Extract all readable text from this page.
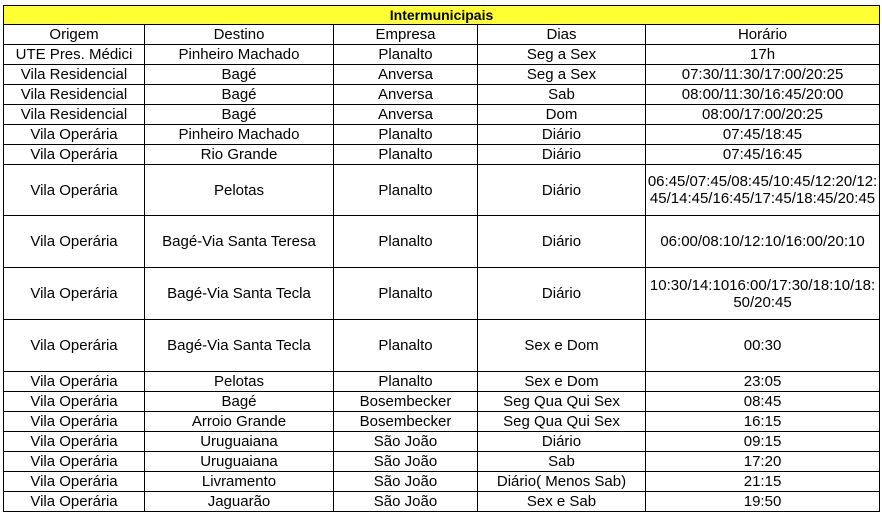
Intermunicipais				
Origem	Destino	Empresa	Dias	Horário
UTE Pres. Médici	Pinheiro Machado	Planalto	Seg a Sex	17h
Vila Residencial	Bagé	Anversa	Seg a Sex	07:30/11:30/17:00/20:25
Vila Residencial	Bagé	Anversa	Sab	08:00/11:30/16:45/20:00
Vila Residencial	Bagé	Anversa	Dom	08:00/17:00/20:25
Vila Operária	Pinheiro Machado	Planalto	Diário	07:45/18:45
Vila Operária	Rio Grande	Planalto	Diário	07:45/16:45
Vila Operária	Pelotas	Planalto	Diário	06:45/07:45/08:45/10:45/12:20/12:45/14:45/16:45/17:45/18:45/20:45
Vila Operária	Bagé-Via Santa Teresa	Planalto	Diário	06:00/08:10/12:10/16:00/20:10
Vila Operária	Bagé-Via Santa Tecla	Planalto	Diário	10:30/14:1016:00/17:30/18:10/18:50/20:45
Vila Operária	Bagé-Via Santa Tecla	Planalto	Sex e Dom	00:30
Vila Operária	Pelotas	Planalto	Sex e Dom	23:05
Vila Operária	Bagé	Bosembecker	Seg Qua Qui Sex	08:45
Vila Operária	Arroio Grande	Bosembecker	Seg Qua Qui Sex	16:15
Vila Operária	Uruguaiana	São João	Diário	09:15
Vila Operária	Uruguaiana	São João	Sab	17:20
Vila Operária	Livramento	São João	Diário( Menos Sab)	21:15
Vila Operária	Jaguarão	São João	Sex e Sab	19:50
